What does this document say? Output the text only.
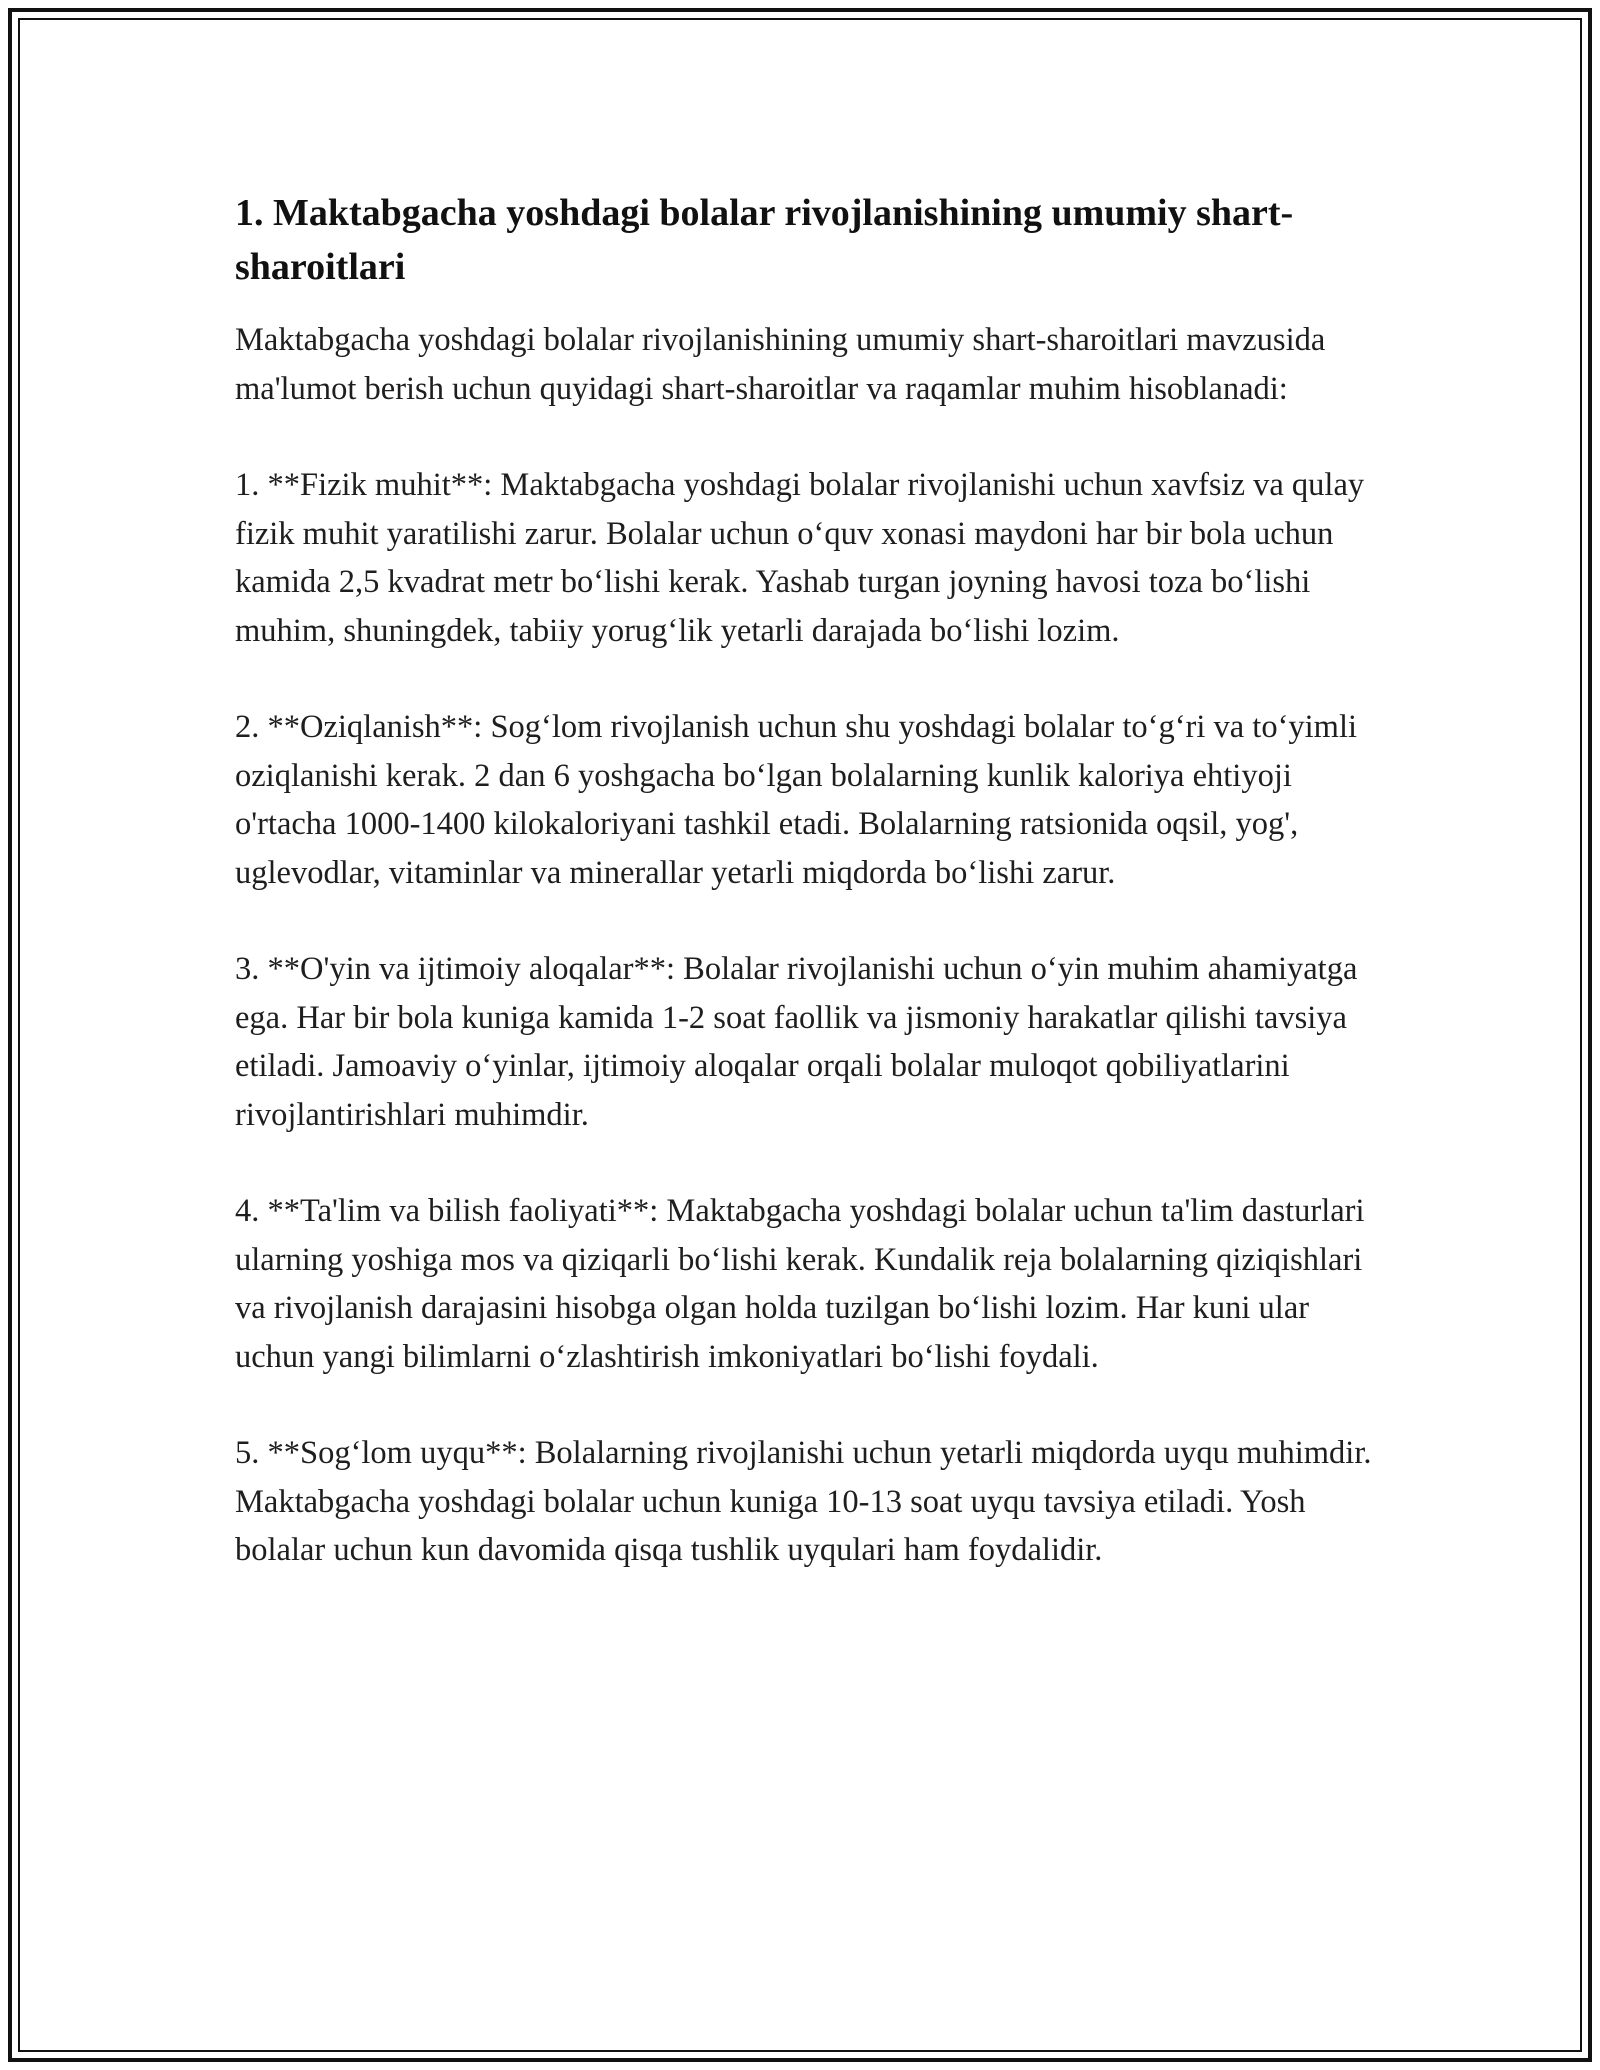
1. Maktabgacha yoshdagi bolalar rivojlanishining umumiy shart-sharoitlari

Maktabgacha yoshdagi bolalar rivojlanishining umumiy shart-sharoitlari mavzusida ma'lumot berish uchun quyidagi shart-sharoitlar va raqamlar muhim hisoblanadi:

1. **Fizik muhit**: Maktabgacha yoshdagi bolalar rivojlanishi uchun xavfsiz va qulay fizik muhit yaratilishi zarur. Bolalar uchun o‘quv xonasi maydoni har bir bola uchun kamida 2,5 kvadrat metr bo‘lishi kerak. Yashab turgan joyning havosi toza bo‘lishi muhim, shuningdek, tabiiy yorug‘lik yetarli darajada bo‘lishi lozim.

2. **Oziqlanish**: Sog‘lom rivojlanish uchun shu yoshdagi bolalar to‘g‘ri va to‘yimli oziqlanishi kerak. 2 dan 6 yoshgacha bo‘lgan bolalarning kunlik kaloriya ehtiyoji o'rtacha 1000-1400 kilokaloriyani tashkil etadi. Bolalarning ratsionida oqsil, yog', uglevodlar, vitaminlar va minerallar yetarli miqdorda bo‘lishi zarur.

3. **O'yin va ijtimoiy aloqalar**: Bolalar rivojlanishi uchun o‘yin muhim ahamiyatga ega. Har bir bola kuniga kamida 1-2 soat faollik va jismoniy harakatlar qilishi tavsiya etiladi. Jamoaviy o‘yinlar, ijtimoiy aloqalar orqali bolalar muloqot qobiliyatlarini rivojlantirishlari muhimdir.

4. **Ta'lim va bilish faoliyati**: Maktabgacha yoshdagi bolalar uchun ta'lim dasturlari ularning yoshiga mos va qiziqarli bo‘lishi kerak. Kundalik reja bolalarning qiziqishlari va rivojlanish darajasini hisobga olgan holda tuzilgan bo‘lishi lozim. Har kuni ular uchun yangi bilimlarni o‘zlashtirish imkoniyatlari bo‘lishi foydali.

5. **Sog‘lom uyqu**: Bolalarning rivojlanishi uchun yetarli miqdorda uyqu muhimdir. Maktabgacha yoshdagi bolalar uchun kuniga 10-13 soat uyqu tavsiya etiladi. Yosh bolalar uchun kun davomida qisqa tushlik uyqulari ham foydalidir.
